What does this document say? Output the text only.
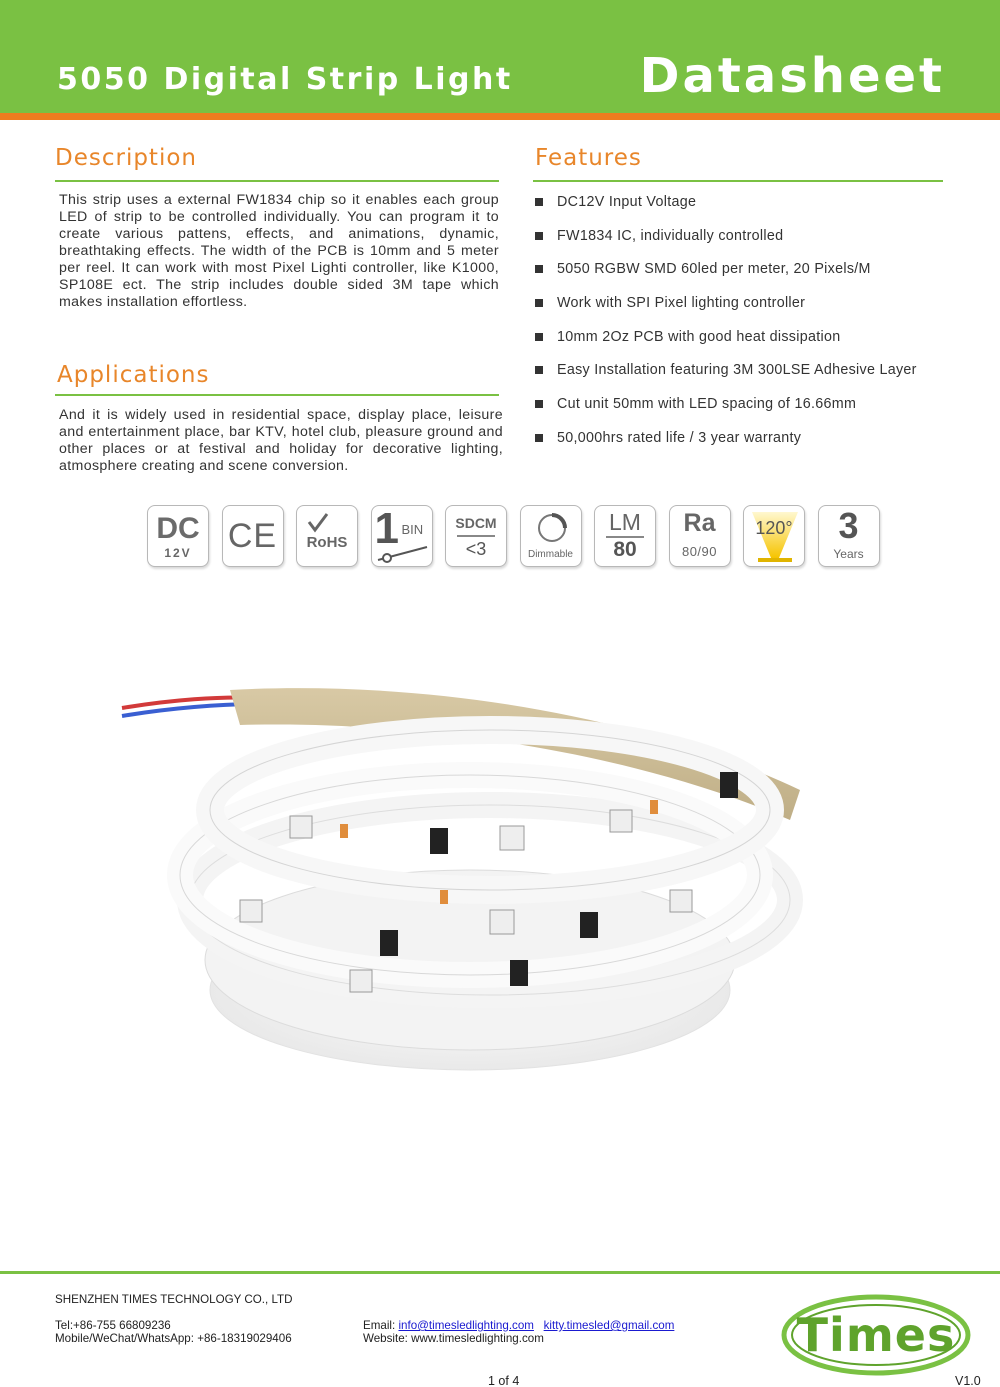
5050 Digital Strip Light	Datasheet
Description
This strip uses a external FW1834 chip so it enables each group LED of strip to be controlled individually. You can program it to create various pattens, effects, and animations, dynamic, breathtaking effects. The width of the PCB is 10mm and 5 meter per reel. It can work with most Pixel Lighti controller, like K1000, SP108E ect. The strip includes double sided 3M tape which makes installation effortless.
Applications
And it is widely used in residential space, display place, leisure and entertainment place, bar KTV, hotel club, pleasure ground and other places or at festival and holiday for decorative lighting, atmosphere creating and scene conversion.
Features
DC12V Input Voltage
FW1834 IC, individually controlled
5050 RGBW SMD 60led per meter, 20 Pixels/M
Work with SPI Pixel lighting controller
10mm 2Oz PCB with good heat dissipation
Easy Installation featuring 3M 300LSE Adhesive Layer
Cut unit 50mm with LED spacing of 16.66mm
50,000hrs rated life / 3 year warranty
DC
12V	CE	RoHS 1 BIN	SDCM
<3	Dimmable
LM
80
Ra
80/90
120°	3
Years
SHENZHEN TIMES TECHNOLOGY CO., LTD
Tel:+86-755 66809236
Mobile/WeChat/WhatsApp: +86-18319029406
Email: info@timesledlighting.com kitty.timesled@gmail.com
Website: www.timesledlighting.com
1 of 4	V1.0
Times
